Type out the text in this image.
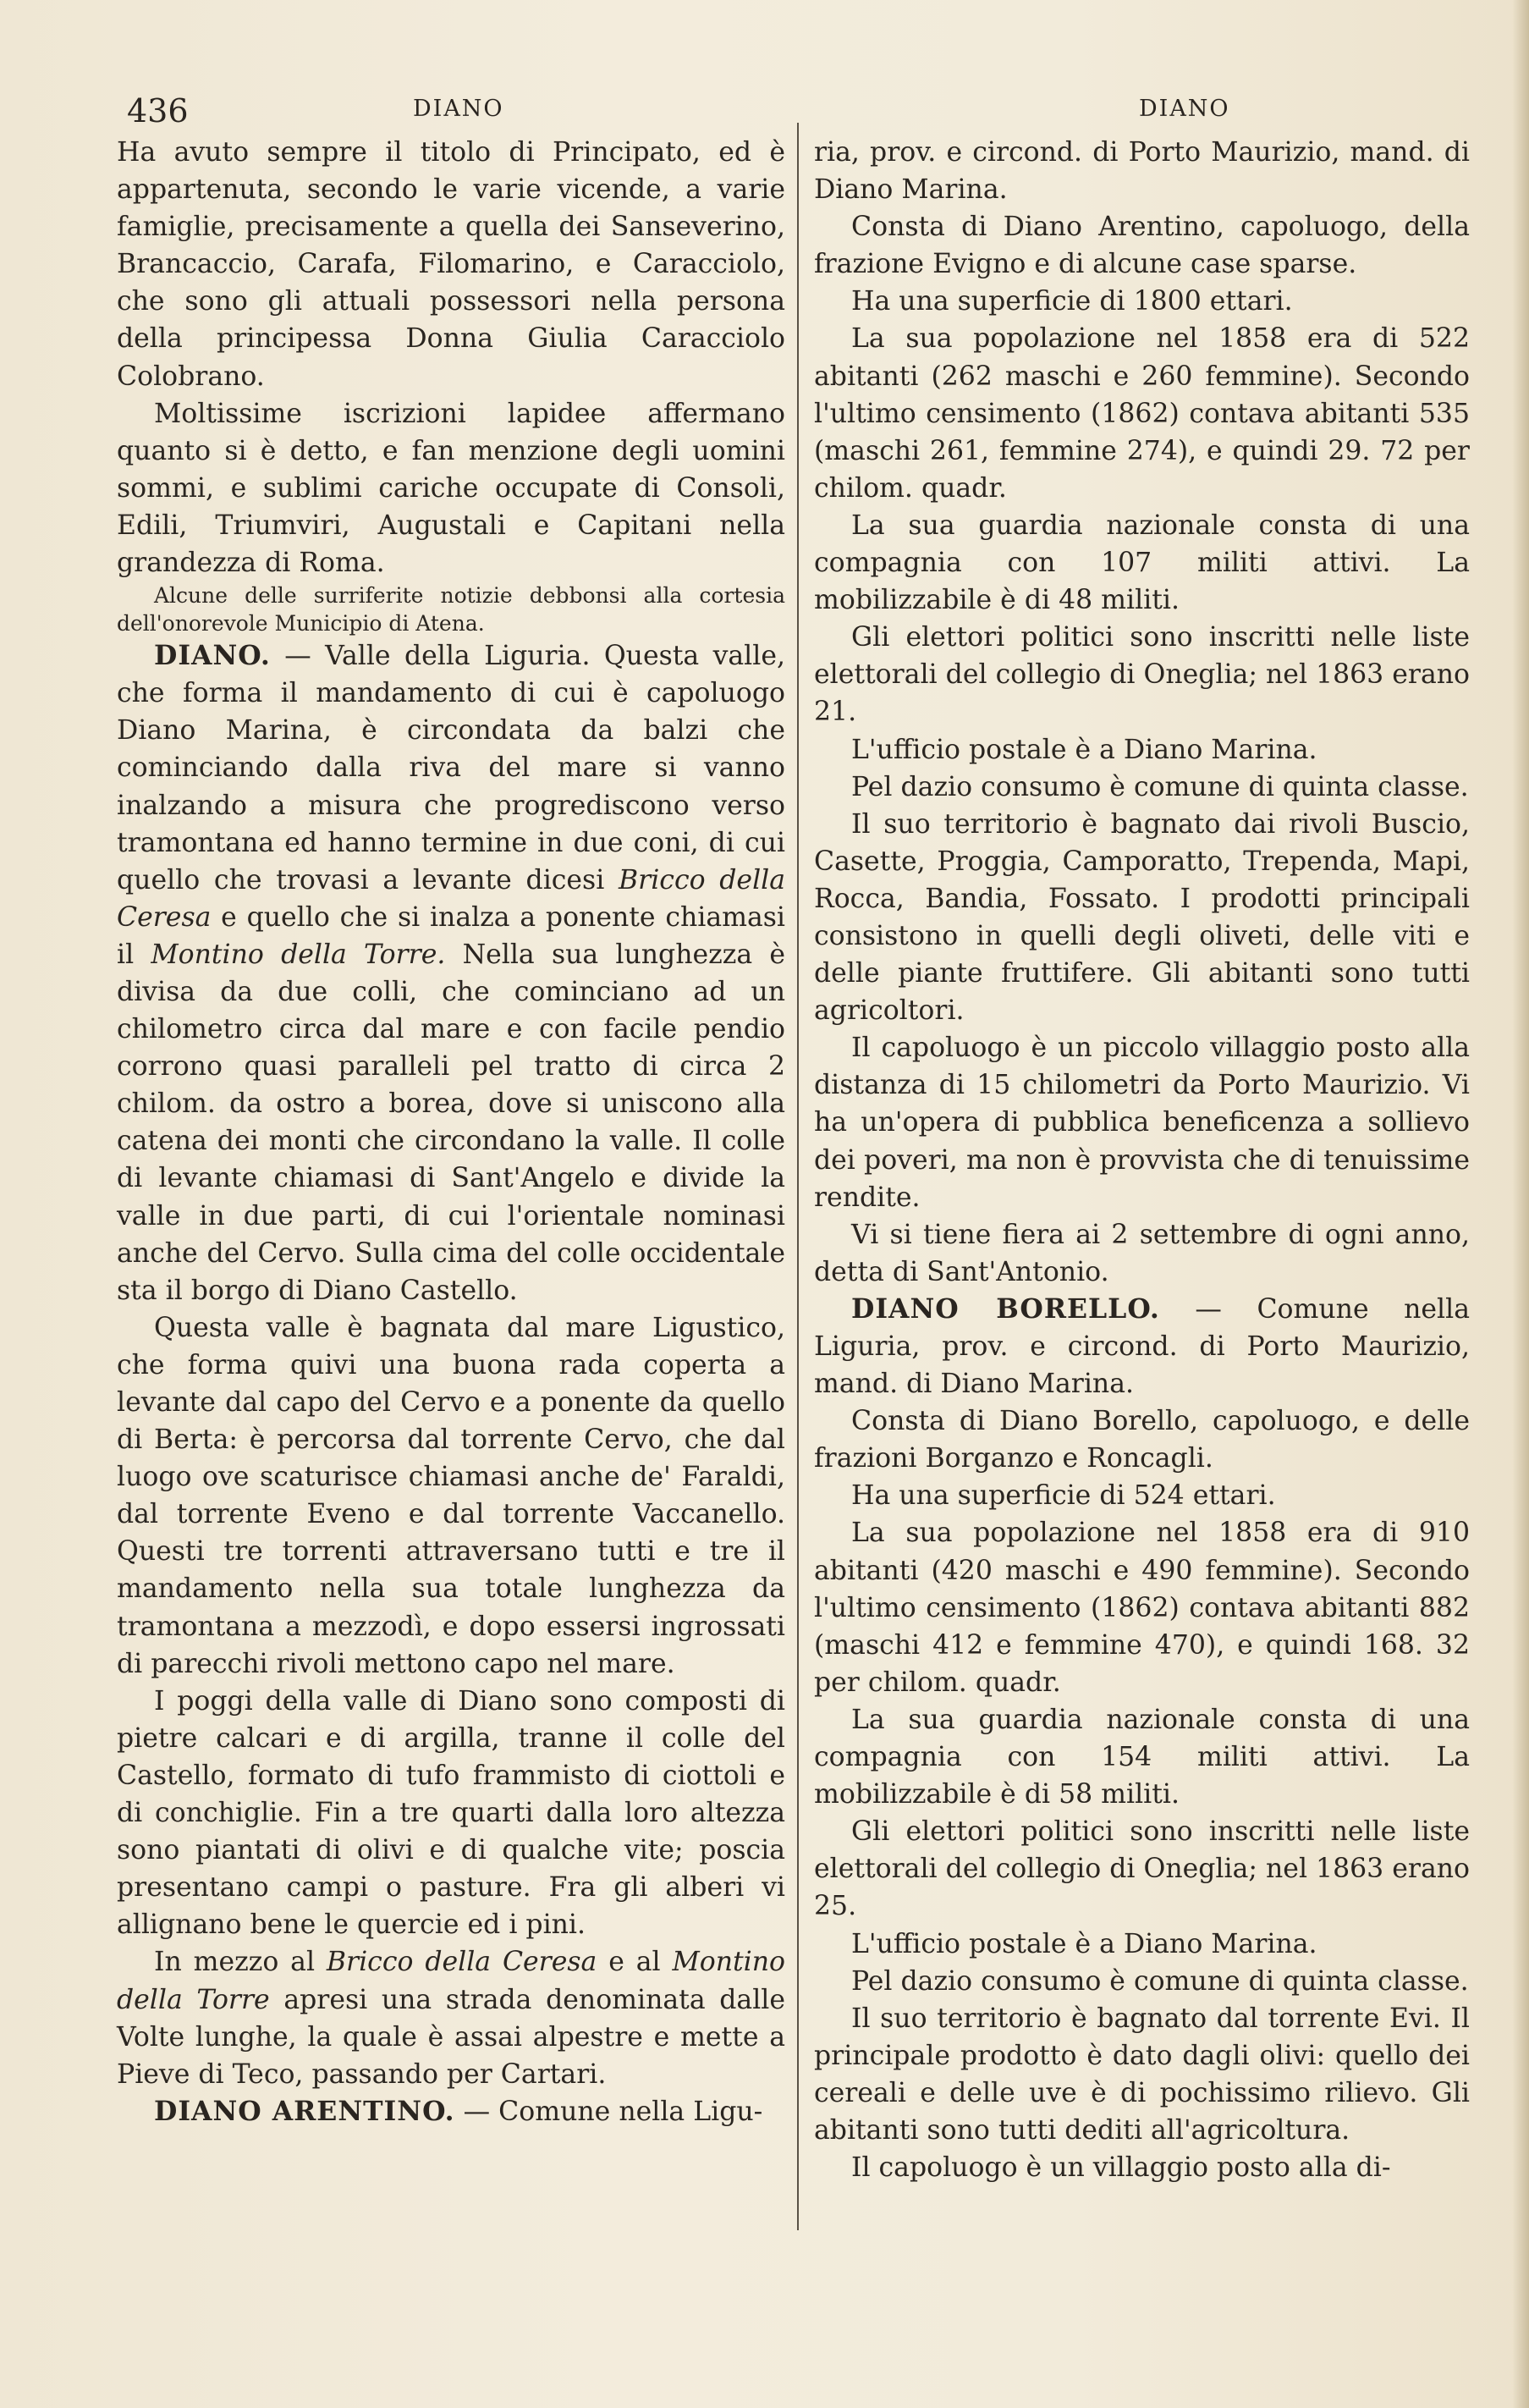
436	DIANO	DIANO

Ha avuto sempre il titolo di Principato, ed è appartenuta, secondo le varie vicende, a varie famiglie, precisamente a quella dei Sanseverino, Brancaccio, Carafa, Filomarino, e Caracciolo, che sono gli attuali possessori nella persona della principessa Donna Giulia Caracciolo Colobrano.

Moltissime iscrizioni lapidee affermano quanto si è detto, e fan menzione degli uomini sommi, e sublimi cariche occupate di Consoli, Edili, Triumviri, Augustali e Capitani nella grandezza di Roma.

Alcune delle surriferite notizie debbonsi alla cortesia dell'onorevole Municipio di Atena.

DIANO. — Valle della Liguria. Questa valle, che forma il mandamento di cui è capoluogo Diano Marina, è circondata da balzi che cominciando dalla riva del mare si vanno inalzando a misura che progrediscono verso tramontana ed hanno termine in due coni, di cui quello che trovasi a levante dicesi Bricco della Ceresa e quello che si inalza a ponente chiamasi il Montino della Torre. Nella sua lunghezza è divisa da due colli, che cominciano ad un chilometro circa dal mare e con facile pendio corrono quasi paralleli pel tratto di circa 2 chilom. da ostro a borea, dove si uniscono alla catena dei monti che circondano la valle. Il colle di levante chiamasi di Sant'Angelo e divide la valle in due parti, di cui l'orientale nominasi anche del Cervo. Sulla cima del colle occidentale sta il borgo di Diano Castello.

Questa valle è bagnata dal mare Ligustico, che forma quivi una buona rada coperta a levante dal capo del Cervo e a ponente da quello di Berta: è percorsa dal torrente Cervo, che dal luogo ove scaturisce chiamasi anche de' Faraldi, dal torrente Eveno e dal torrente Vaccanello. Questi tre torrenti attraversano tutti e tre il mandamento nella sua totale lunghezza da tramontana a mezzodì, e dopo essersi ingrossati di parecchi rivoli mettono capo nel mare.

I poggi della valle di Diano sono composti di pietre calcari e di argilla, tranne il colle del Castello, formato di tufo frammisto di ciottoli e di conchiglie. Fin a tre quarti dalla loro altezza sono piantati di olivi e di qualche vite; poscia presentano campi o pasture. Fra gli alberi vi allignano bene le quercie ed i pini.

In mezzo al Bricco della Ceresa e al Montino della Torre apresi una strada denominata dalle Volte lunghe, la quale è assai alpestre e mette a Pieve di Teco, passando per Cartari.

DIANO ARENTINO. — Comune nella Ligu-

ria, prov. e circond. di Porto Maurizio, mand. di Diano Marina.

Consta di Diano Arentino, capoluogo, della frazione Evigno e di alcune case sparse.

Ha una superficie di 1800 ettari.

La sua popolazione nel 1858 era di 522 abitanti (262 maschi e 260 femmine). Secondo l'ultimo censimento (1862) contava abitanti 535 (maschi 261, femmine 274), e quindi 29. 72 per chilom. quadr.

La sua guardia nazionale consta di una compagnia con 107 militi attivi. La mobilizzabile è di 48 militi.

Gli elettori politici sono inscritti nelle liste elettorali del collegio di Oneglia; nel 1863 erano 21.

L'ufficio postale è a Diano Marina.

Pel dazio consumo è comune di quinta classe.

Il suo territorio è bagnato dai rivoli Buscio, Casette, Proggia, Camporatto, Trependa, Mapi, Rocca, Bandia, Fossato. I prodotti principali consistono in quelli degli oliveti, delle viti e delle piante fruttifere. Gli abitanti sono tutti agricoltori.

Il capoluogo è un piccolo villaggio posto alla distanza di 15 chilometri da Porto Maurizio. Vi ha un'opera di pubblica beneficenza a sollievo dei poveri, ma non è provvista che di tenuissime rendite.

Vi si tiene fiera ai 2 settembre di ogni anno, detta di Sant'Antonio.

DIANO BORELLO. — Comune nella Liguria, prov. e circond. di Porto Maurizio, mand. di Diano Marina.

Consta di Diano Borello, capoluogo, e delle frazioni Borganzo e Roncagli.

Ha una superficie di 524 ettari.

La sua popolazione nel 1858 era di 910 abitanti (420 maschi e 490 femmine). Secondo l'ultimo censimento (1862) contava abitanti 882 (maschi 412 e femmine 470), e quindi 168. 32 per chilom. quadr.

La sua guardia nazionale consta di una compagnia con 154 militi attivi. La mobilizzabile è di 58 militi.

Gli elettori politici sono inscritti nelle liste elettorali del collegio di Oneglia; nel 1863 erano 25.

L'ufficio postale è a Diano Marina.

Pel dazio consumo è comune di quinta classe.

Il suo territorio è bagnato dal torrente Evi. Il principale prodotto è dato dagli olivi: quello dei cereali e delle uve è di pochissimo rilievo. Gli abitanti sono tutti dediti all'agricoltura.

Il capoluogo è un villaggio posto alla di-
